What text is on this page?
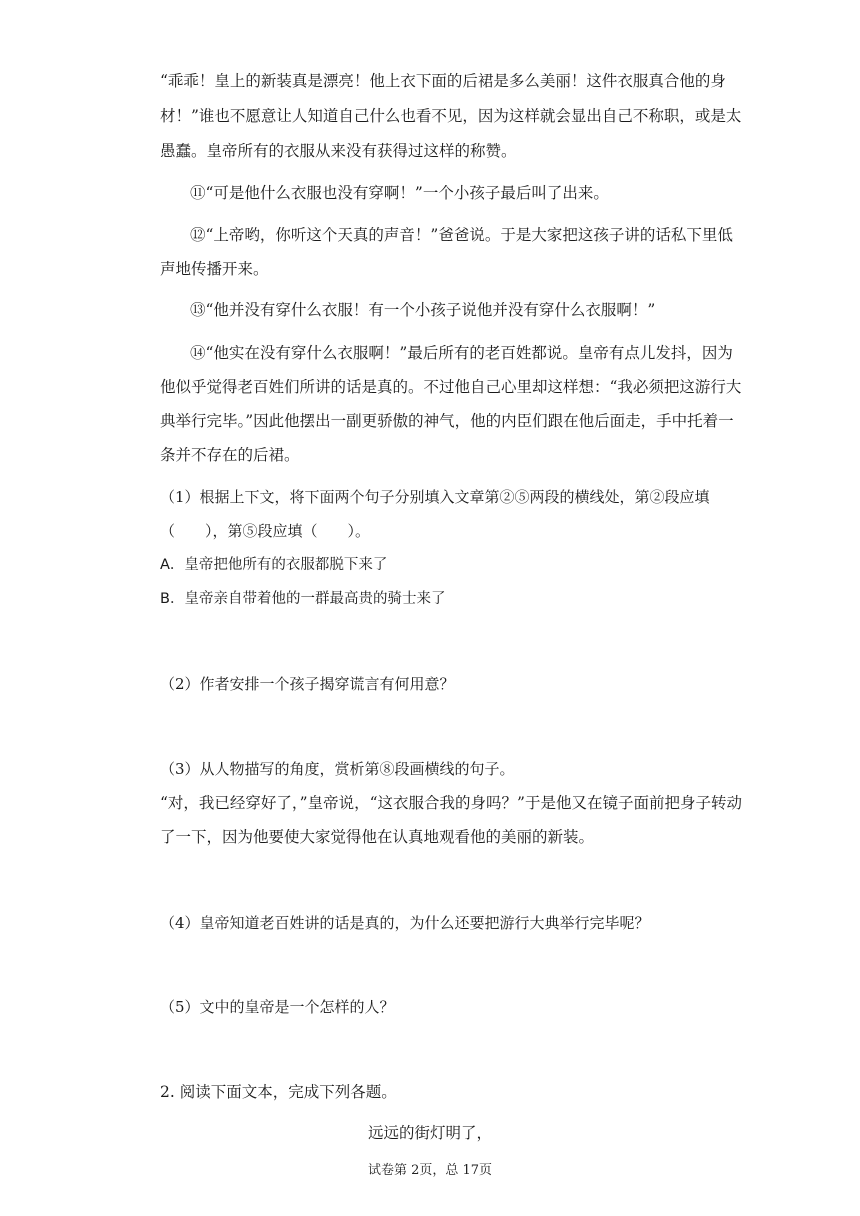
“乖乖！皇上的新装真是漂亮！他上衣下面的后裙是多么美丽！这件衣服真合他的身
材！”谁也不愿意让人知道自己什么也看不见，因为这样就会显出自己不称职，或是太
愚蠢。皇帝所有的衣服从来没有获得过这样的称赞。
⑪“可是他什么衣服也没有穿啊！”一个小孩子最后叫了出来。
⑫“上帝哟，你听这个天真的声音！”爸爸说。于是大家把这孩子讲的话私下里低
声地传播开来。
⑬“他并没有穿什么衣服！有一个小孩子说他并没有穿什么衣服啊！”
⑭“他实在没有穿什么衣服啊！”最后所有的老百姓都说。皇帝有点儿发抖，因为
他似乎觉得老百姓们所讲的话是真的。不过他自己心里却这样想：“我必须把这游行大
典举行完毕。”因此他摆出一副更骄傲的神气，他的内臣们跟在他后面走，手中托着一
条并不存在的后裙。
（1）根据上下文，将下面两个句子分别填入文章第②⑤两段的横线处，第②段应填
（　　），第⑤段应填（　　）。
A．皇帝把他所有的衣服都脱下来了
B．皇帝亲自带着他的一群最高贵的骑士来了
（2）作者安排一个孩子揭穿谎言有何用意？
（3）从人物描写的角度，赏析第⑧段画横线的句子。
“对，我已经穿好了，”皇帝说，“这衣服合我的身吗？”于是他又在镜子面前把身子转动
了一下，因为他要使大家觉得他在认真地观看他的美丽的新装。
（4）皇帝知道老百姓讲的话是真的，为什么还要把游行大典举行完毕呢？
（5）文中的皇帝是一个怎样的人？
2. 阅读下面文本，完成下列各题。
远远的街灯明了，
试卷第 2页，总 17页
